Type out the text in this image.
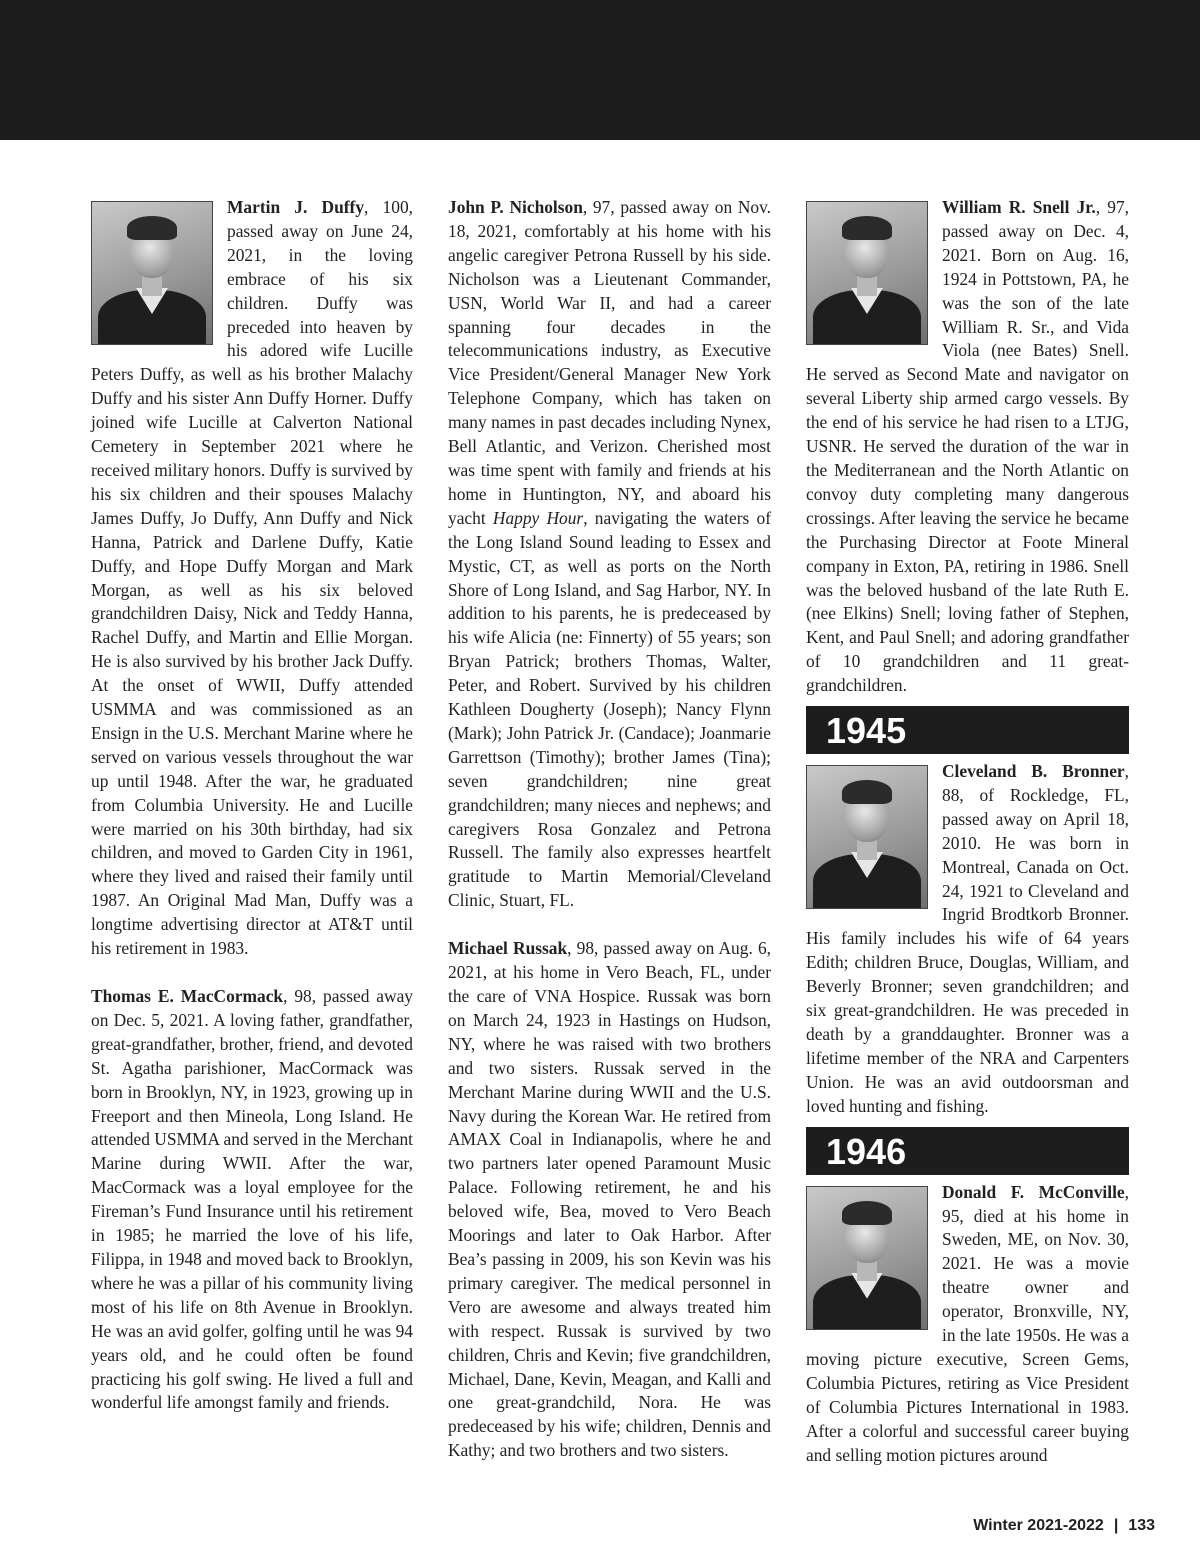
Martin J. Duffy, 100, passed away on June 24, 2021, in the loving embrace of his six children. Duffy was preceded into heaven by his adored wife Lucille Peters Duffy, as well as his brother Malachy Duffy and his sister Ann Duffy Horner. Duffy joined wife Lucille at Calverton National Cemetery in September 2021 where he received military honors. Duffy is survived by his six children and their spouses Malachy James Duffy, Jo Duffy, Ann Duffy and Nick Hanna, Patrick and Darlene Duffy, Katie Duffy, and Hope Duffy Morgan and Mark Morgan, as well as his six beloved grandchildren Daisy, Nick and Teddy Hanna, Rachel Duffy, and Martin and Ellie Morgan. He is also survived by his brother Jack Duffy. At the onset of WWII, Duffy attended USMMA and was commissioned as an Ensign in the U.S. Merchant Marine where he served on various vessels throughout the war up until 1948. After the war, he graduated from Columbia University. He and Lucille were married on his 30th birthday, had six children, and moved to Garden City in 1961, where they lived and raised their family until 1987. An Original Mad Man, Duffy was a longtime advertising director at AT&T until his retirement in 1983.

Thomas E. MacCormack, 98, passed away on Dec. 5, 2021. A loving father, grandfather, great-grandfather, brother, friend, and devoted St. Agatha parishioner, MacCormack was born in Brooklyn, NY, in 1923, growing up in Freeport and then Mineola, Long Island. He attended USMMA and served in the Merchant Marine during WWII. After the war, MacCormack was a loyal employee for the Fireman’s Fund Insurance until his retirement in 1985; he married the love of his life, Filippa, in 1948 and moved back to Brooklyn, where he was a pillar of his community living most of his life on 8th Avenue in Brooklyn. He was an avid golfer, golfing until he was 94 years old, and he could often be found practicing his golf swing. He lived a full and wonderful life amongst family and friends.

John P. Nicholson, 97, passed away on Nov. 18, 2021, comfortably at his home with his angelic caregiver Petrona Russell by his side. Nicholson was a Lieutenant Commander, USN, World War II, and had a career spanning four decades in the telecommunications industry, as Executive Vice President/General Manager New York Telephone Company, which has taken on many names in past decades including Nynex, Bell Atlantic, and Verizon. Cherished most was time spent with family and friends at his home in Huntington, NY, and aboard his yacht Happy Hour, navigating the waters of the Long Island Sound leading to Essex and Mystic, CT, as well as ports on the North Shore of Long Island, and Sag Harbor, NY. In addition to his parents, he is predeceased by his wife Alicia (ne: Finnerty) of 55 years; son Bryan Patrick; brothers Thomas, Walter, Peter, and Robert. Survived by his children Kathleen Dougherty (Joseph); Nancy Flynn (Mark); John Patrick Jr. (Candace); Joanmarie Garrettson (Timothy); brother James (Tina); seven grandchildren; nine great grandchildren; many nieces and nephews; and caregivers Rosa Gonzalez and Petrona Russell. The family also expresses heartfelt gratitude to Martin Memorial/Cleveland Clinic, Stuart, FL.

Michael Russak, 98, passed away on Aug. 6, 2021, at his home in Vero Beach, FL, under the care of VNA Hospice. Russak was born on March 24, 1923 in Hastings on Hudson, NY, where he was raised with two brothers and two sisters. Russak served in the Merchant Marine during WWII and the U.S. Navy during the Korean War. He retired from AMAX Coal in Indianapolis, where he and two partners later opened Paramount Music Palace. Following retirement, he and his beloved wife, Bea, moved to Vero Beach Moorings and later to Oak Harbor. After Bea’s passing in 2009, his son Kevin was his primary caregiver. The medical personnel in Vero are awesome and always treated him with respect. Russak is survived by two children, Chris and Kevin; five grandchildren, Michael, Dane, Kevin, Meagan, and Kalli and one great-grandchild, Nora. He was predeceased by his wife; children, Dennis and Kathy; and two brothers and two sisters.

William R. Snell Jr., 97, passed away on Dec. 4, 2021. Born on Aug. 16, 1924 in Pottstown, PA, he was the son of the late William R. Sr., and Vida Viola (nee Bates) Snell. He served as Second Mate and navigator on several Liberty ship armed cargo vessels. By the end of his service he had risen to a LTJG, USNR. He served the duration of the war in the Mediterranean and the North Atlantic on convoy duty completing many dangerous crossings. After leaving the service he became the Purchasing Director at Foote Mineral company in Exton, PA, retiring in 1986. Snell was the beloved husband of the late Ruth E. (nee Elkins) Snell; loving father of Stephen, Kent, and Paul Snell; and adoring grandfather of 10 grandchildren and 11 great-grandchildren.

1945

Cleveland B. Bronner, 88, of Rockledge, FL, passed away on April 18, 2010. He was born in Montreal, Canada on Oct. 24, 1921 to Cleveland and Ingrid Brodtkorb Bronner. His family includes his wife of 64 years Edith; children Bruce, Douglas, William, and Beverly Bronner; seven grandchildren; and six great-grandchildren. He was preceded in death by a granddaughter. Bronner was a lifetime member of the NRA and Carpenters Union. He was an avid outdoorsman and loved hunting and fishing.

1946

Donald F. McConville, 95, died at his home in Sweden, ME, on Nov. 30, 2021. He was a movie theatre owner and operator, Bronxville, NY, in the late 1950s. He was a moving picture executive, Screen Gems, Columbia Pictures, retiring as Vice President of Columbia Pictures International in 1983. After a colorful and successful career buying and selling motion pictures around

Winter 2021-2022 | 133
